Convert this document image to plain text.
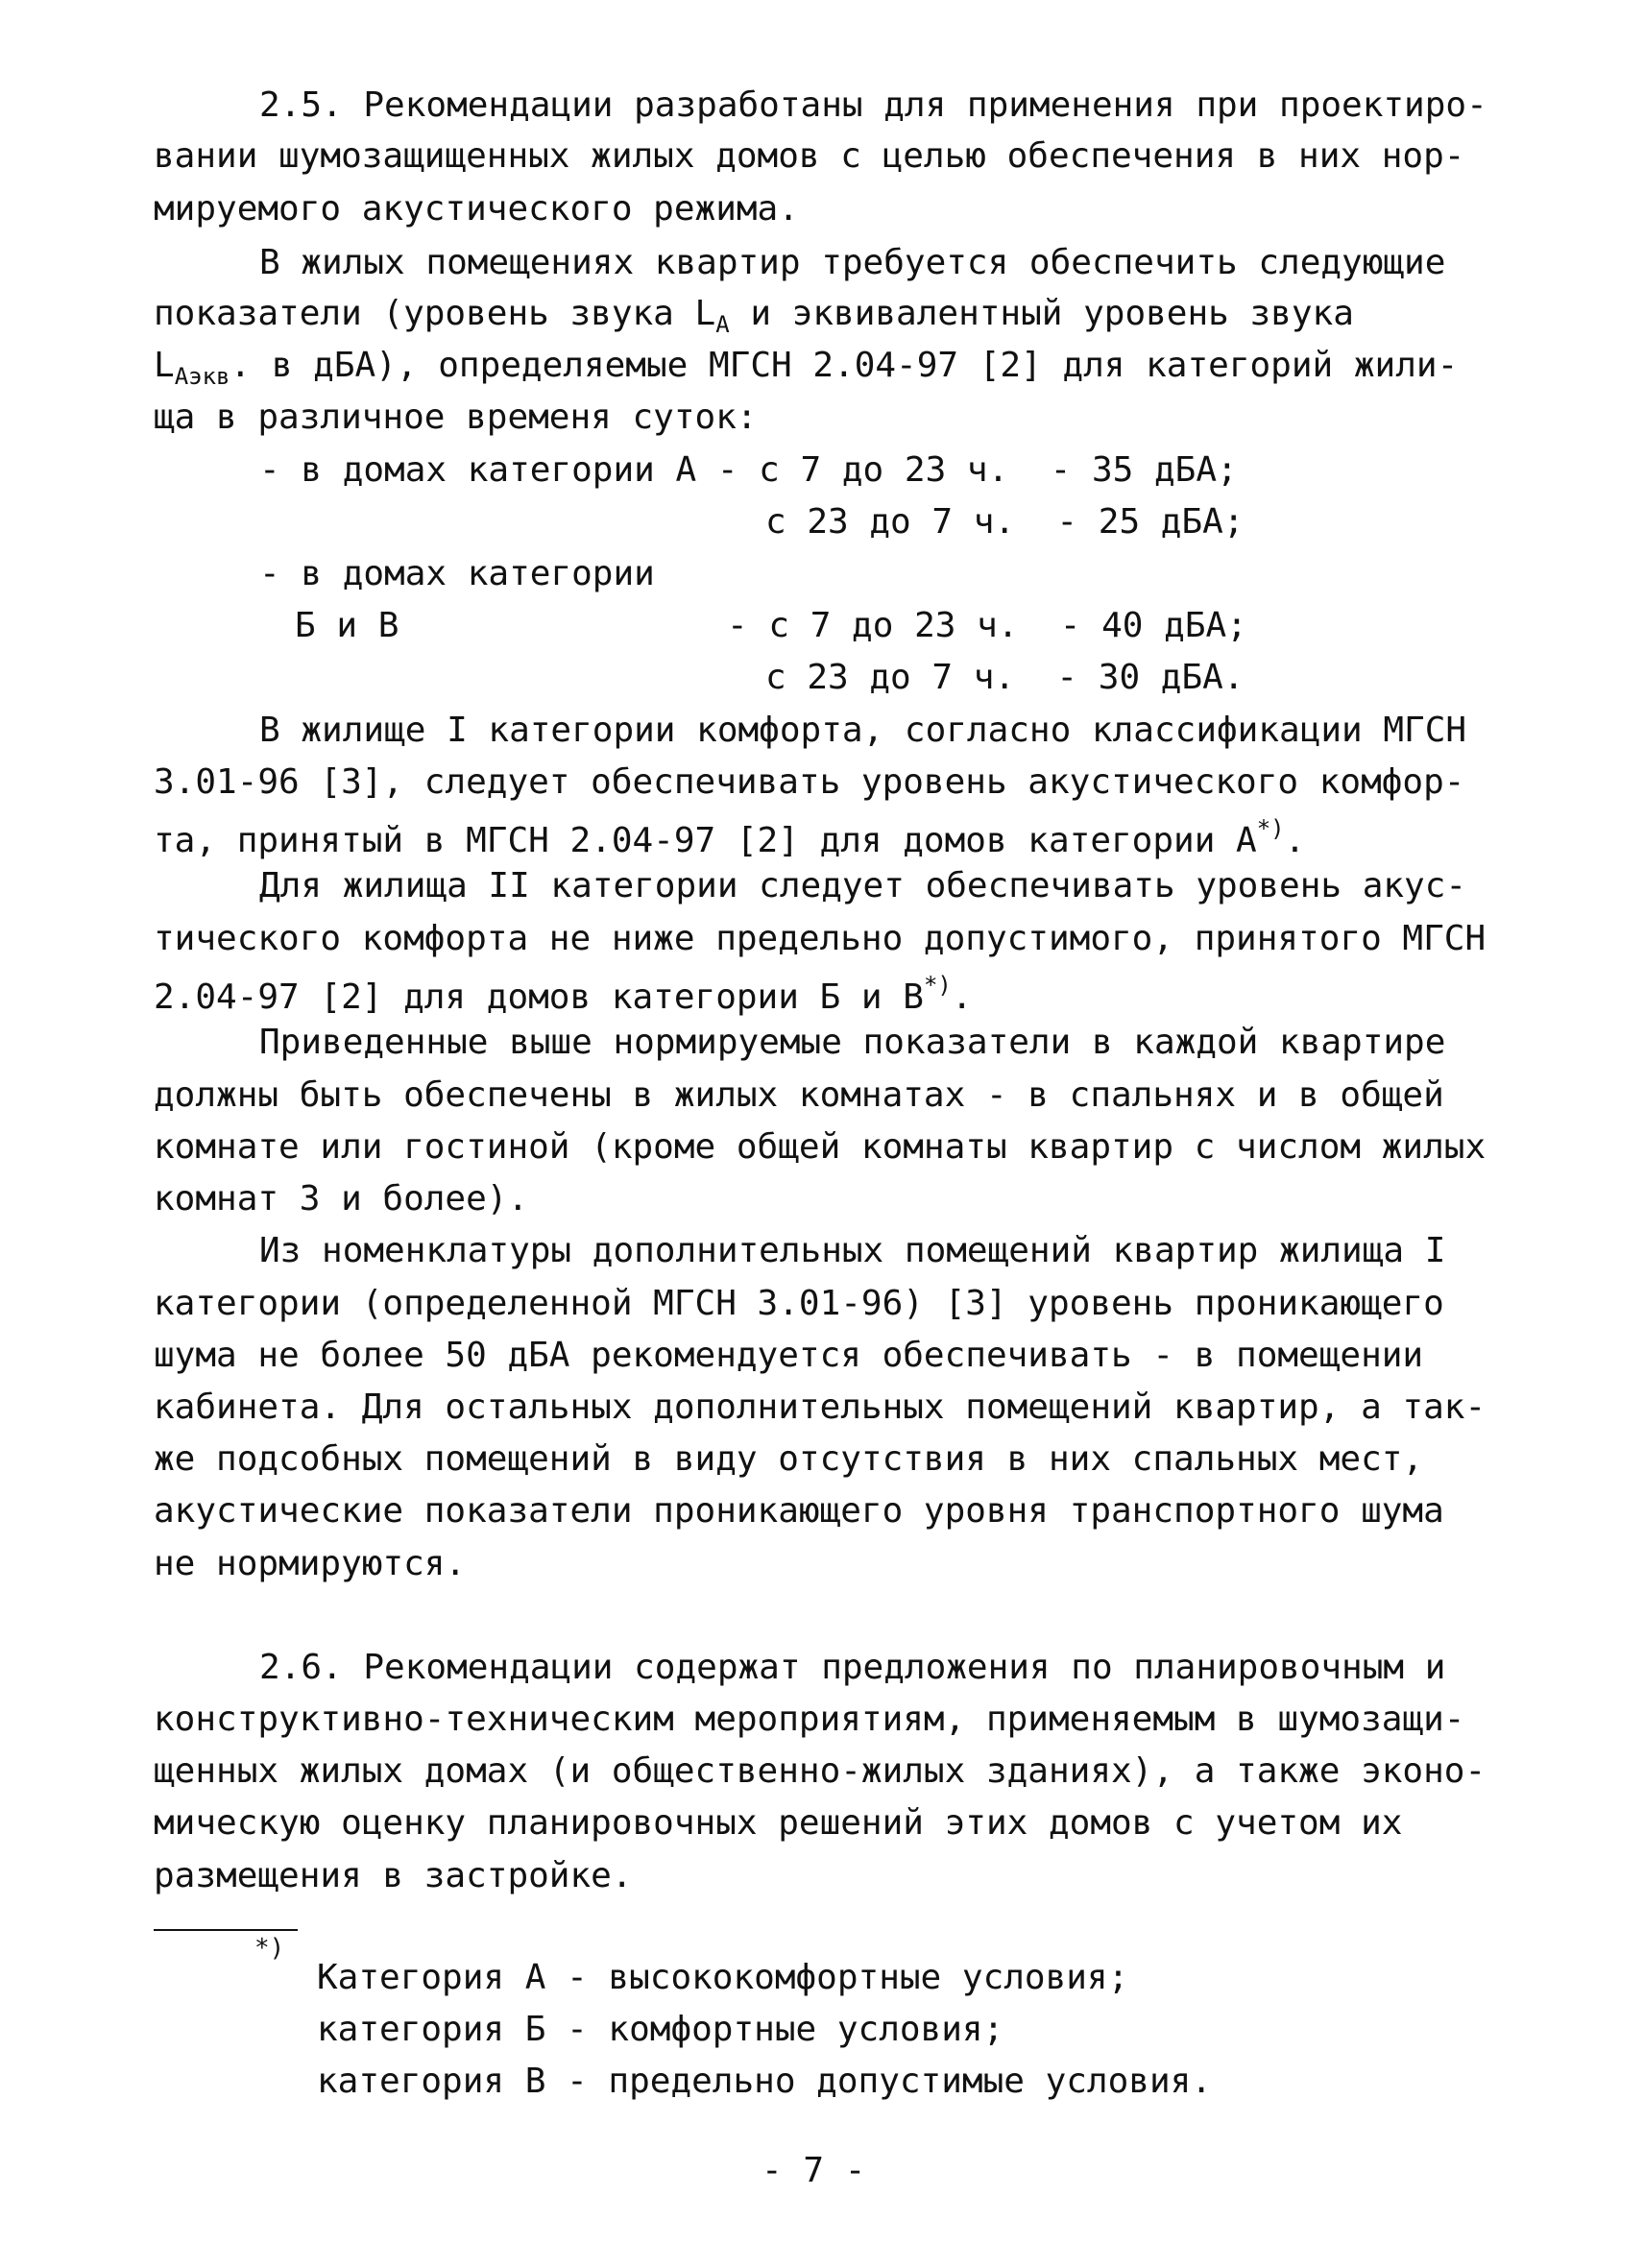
2.5. Рекомендации разработаны для применения при проектиро-
вании шумозащищенных жилых домов с целью обеспечения в них нор-
мируемого акустического режима.
В жилых помещениях квартир требуется обеспечить следующие
показатели (уровень звука $L_A$ и эквивалентный уровень звука
$L_{Aэкв}$. в дБА), определяемые МГСН 2.04-97 [2] для категорий жили-
ща в различное временя суток:
- в домах категории А - с 7 до 23 ч.  - 35 дБА;
с 23 до 7 ч.  - 25 дБА;
- в домах категории
Б и В	- с 7 до 23 ч.  - 40 дБА;
с 23 до 7 ч.  - 30 дБА.
В жилище I категории комфорта, согласно классификации МГСН
3.01-96 [3], следует обеспечивать уровень акустического комфор-
та, принятый в МГСН 2.04-97 [2] для домов категории А*).
Для жилища II категории следует обеспечивать уровень акус-
тического комфорта не ниже предельно допустимого, принятого МГСН
2.04-97 [2] для домов категории Б и В*).
Приведенные выше нормируемые показатели в каждой квартире
должны быть обеспечены в жилых комнатах - в спальнях и в общей
комнате или гостиной (кроме общей комнаты квартир с числом жилых
комнат 3 и более).
Из номенклатуры дополнительных помещений квартир жилища I
категории (определенной МГСН 3.01-96) [3] уровень проникающего
шума не более 50 дБА рекомендуется обеспечивать - в помещении
кабинета. Для остальных дополнительных помещений квартир, а так-
же подсобных помещений в виду отсутствия в них спальных мест,
акустические показатели проникающего уровня транспортного шума
не нормируются.
2.6. Рекомендации содержат предложения по планировочным и
конструктивно-техническим мероприятиям, применяемым в шумозащи-
щенных жилых домах (и общественно-жилых зданиях), а также эконо-
мическую оценку планировочных решений этих домов с учетом их
размещения в застройке.
*)
Категория А - высококомфортные условия;
категория Б - комфортные условия;
категория В - предельно допустимые условия.
- 7 -
